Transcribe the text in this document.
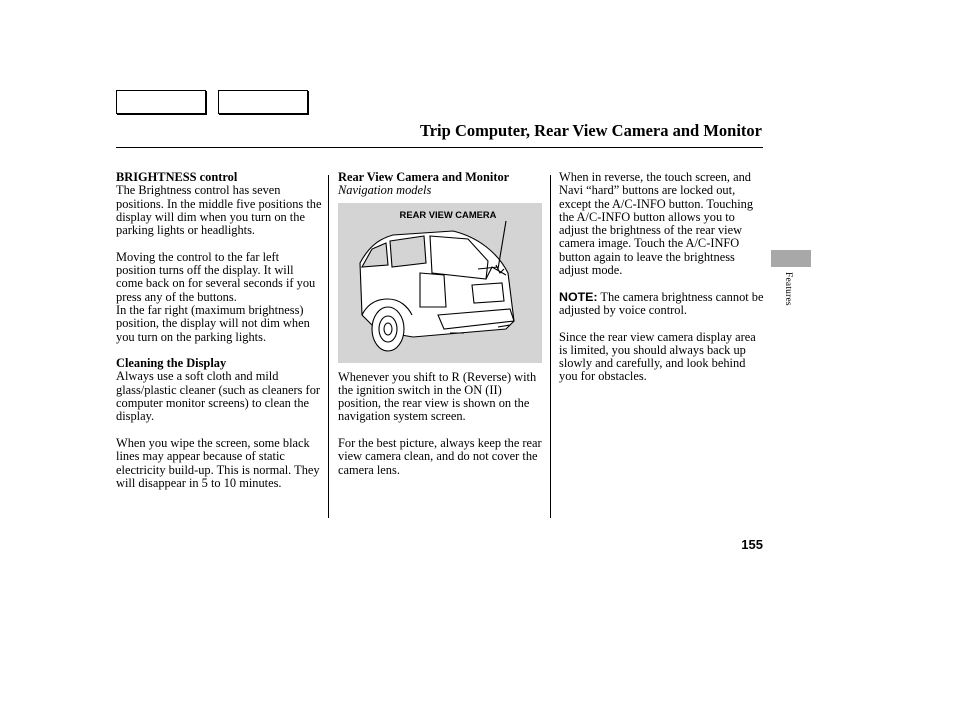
Trip Computer, Rear View Camera and Monitor

BRIGHTNESS control

The Brightness control has seven positions. In the middle five positions the display will dim when you turn on the parking lights or headlights.

Moving the control to the far left position turns off the display. It will come back on for several seconds if you press any of the buttons.

In the far right (maximum brightness) position, the display will not dim when you turn on the parking lights.

Cleaning the Display

Always use a soft cloth and mild glass/plastic cleaner (such as cleaners for computer monitor screens) to clean the display.

When you wipe the screen, some black lines may appear because of static electricity build-up. This is normal. They will disappear in 5 to 10 minutes.

Rear View Camera and Monitor

Navigation models

REAR VIEW CAMERA

Whenever you shift to R (Reverse) with the ignition switch in the ON (II) position, the rear view is shown on the navigation system screen.

For the best picture, always keep the rear view camera clean, and do not cover the camera lens.

When in reverse, the touch screen, and Navi “hard” buttons are locked out, except the A/C-INFO button. Touching the A/C-INFO button allows you to adjust the brightness of the rear view camera image. Touch the A/C-INFO button again to leave the brightness adjust mode.

NOTE: The camera brightness cannot be adjusted by voice control.

Since the rear view camera display area is limited, you should always back up slowly and carefully, and look behind you for obstacles.

Features
155
